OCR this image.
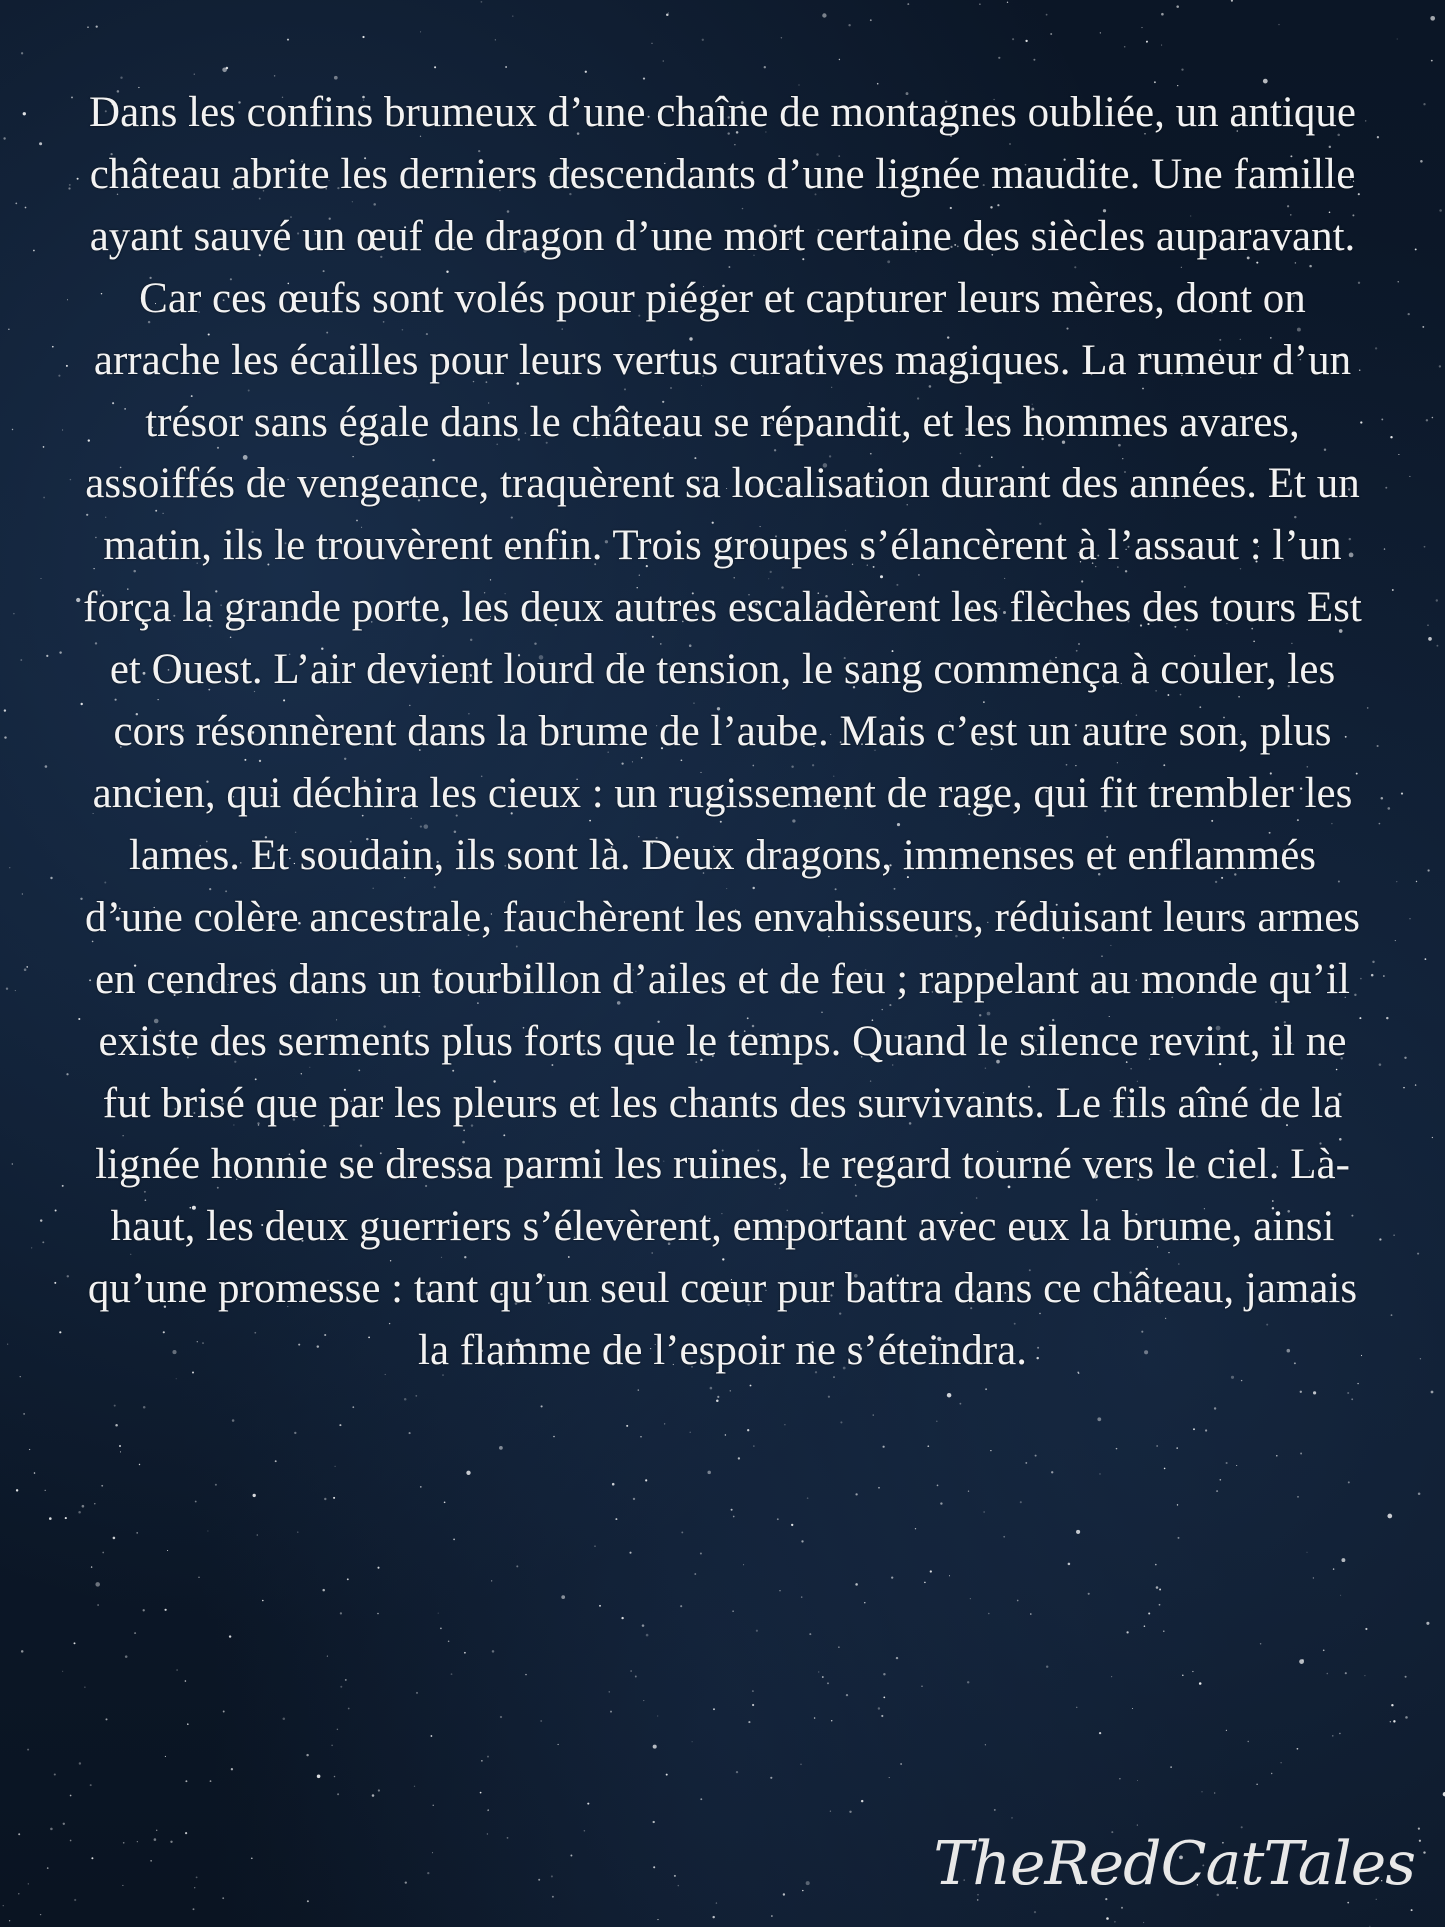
Dans les confins brumeux d’une chaîne de montagnes oubliée, un antique château abrite les derniers descendants d’une lignée maudite. Une famille ayant sauvé un œuf de dragon d’une mort certaine des siècles auparavant. Car ces œufs sont volés pour piéger et capturer leurs mères, dont on arrache les écailles pour leurs vertus curatives magiques. La rumeur d’un trésor sans égale dans le château se répandit, et les hommes avares, assoiffés de vengeance, traquèrent sa localisation durant des années. Et un matin, ils le trouvèrent enfin. Trois groupes s’élancèrent à l’assaut : l’un força la grande porte, les deux autres escaladèrent les flèches des tours Est et Ouest. L’air devient lourd de tension, le sang commença à couler, les cors résonnèrent dans la brume de l’aube. Mais c’est un autre son, plus ancien, qui déchira les cieux : un rugissement de rage, qui fit trembler les lames. Et soudain, ils sont là. Deux dragons, immenses et enflammés d’une colère ancestrale, fauchèrent les envahisseurs, réduisant leurs armes en cendres dans un tourbillon d’ailes et de feu ; rappelant au monde qu’il existe des serments plus forts que le temps. Quand le silence revint, il ne fut brisé que par les pleurs et les chants des survivants. Le fils aîné de la lignée honnie se dressa parmi les ruines, le regard tourné vers le ciel. Là-haut, les deux guerriers s’élevèrent, emportant avec eux la brume, ainsi qu’une promesse : tant qu’un seul cœur pur battra dans ce château, jamais la flamme de l’espoir ne s’éteindra.

TheRedCatTales
